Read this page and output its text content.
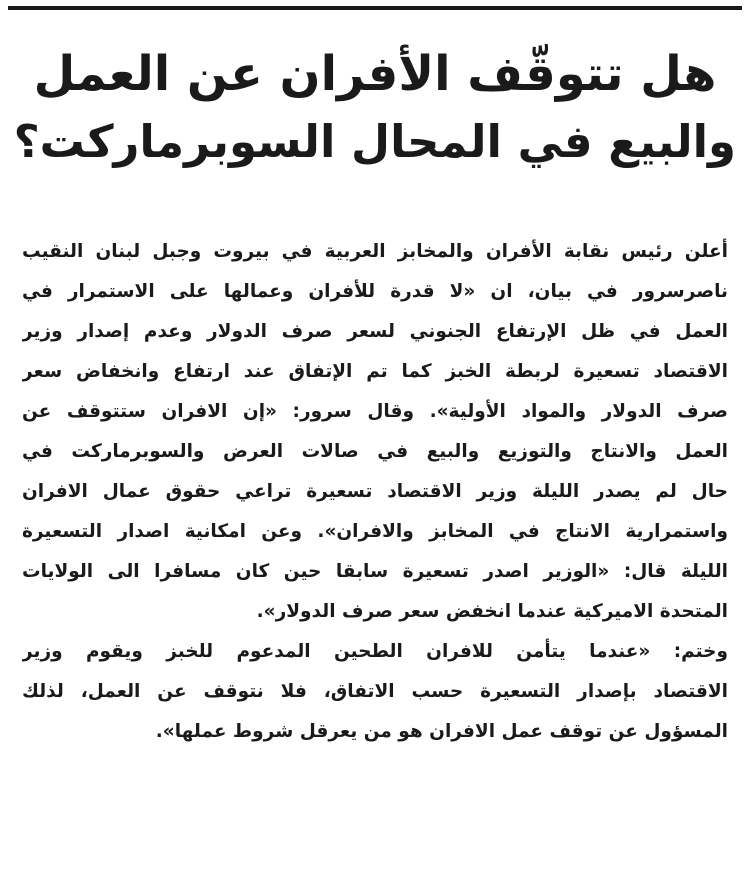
هل تتوقّف الأفران عن العمل
والبيع في المحال السوبرماركت؟
أعلن رئيس نقابة الأفران والمخابز العربية في بيروت وجبل لبنان النقيب
ناصرسرور في بيان، ان «لا قدرة للأفران وعمالها على الاستمرار في
العمل في ظل الإرتفاع الجنوني لسعر صرف الدولار وعدم إصدار وزير
الاقتصاد تسعيرة لربطة الخبز كما تم الإتفاق عند ارتفاع وانخفاض سعر
صرف الدولار والمواد الأولية». وقال سرور: «إن الافران ستتوقف عن
العمل والانتاج والتوزيع والبيع في صالات العرض والسوبرماركت في
حال لم يصدر الليلة وزير الاقتصاد تسعيرة تراعي حقوق عمال الافران
واستمرارية الانتاج في المخابز والافران». وعن امكانية اصدار التسعيرة
الليلة قال: «الوزير اصدر تسعيرة سابقا حين كان مسافرا الى الولايات
المتحدة الاميركية عندما انخفض سعر صرف الدولار».
وختم: «عندما يتأمن للافران الطحين المدعوم للخبز ويقوم وزير
الاقتصاد بإصدار التسعيرة حسب الاتفاق، فلا نتوقف عن العمل، لذلك
المسؤول عن توقف عمل الافران هو من يعرقل شروط عملها».
